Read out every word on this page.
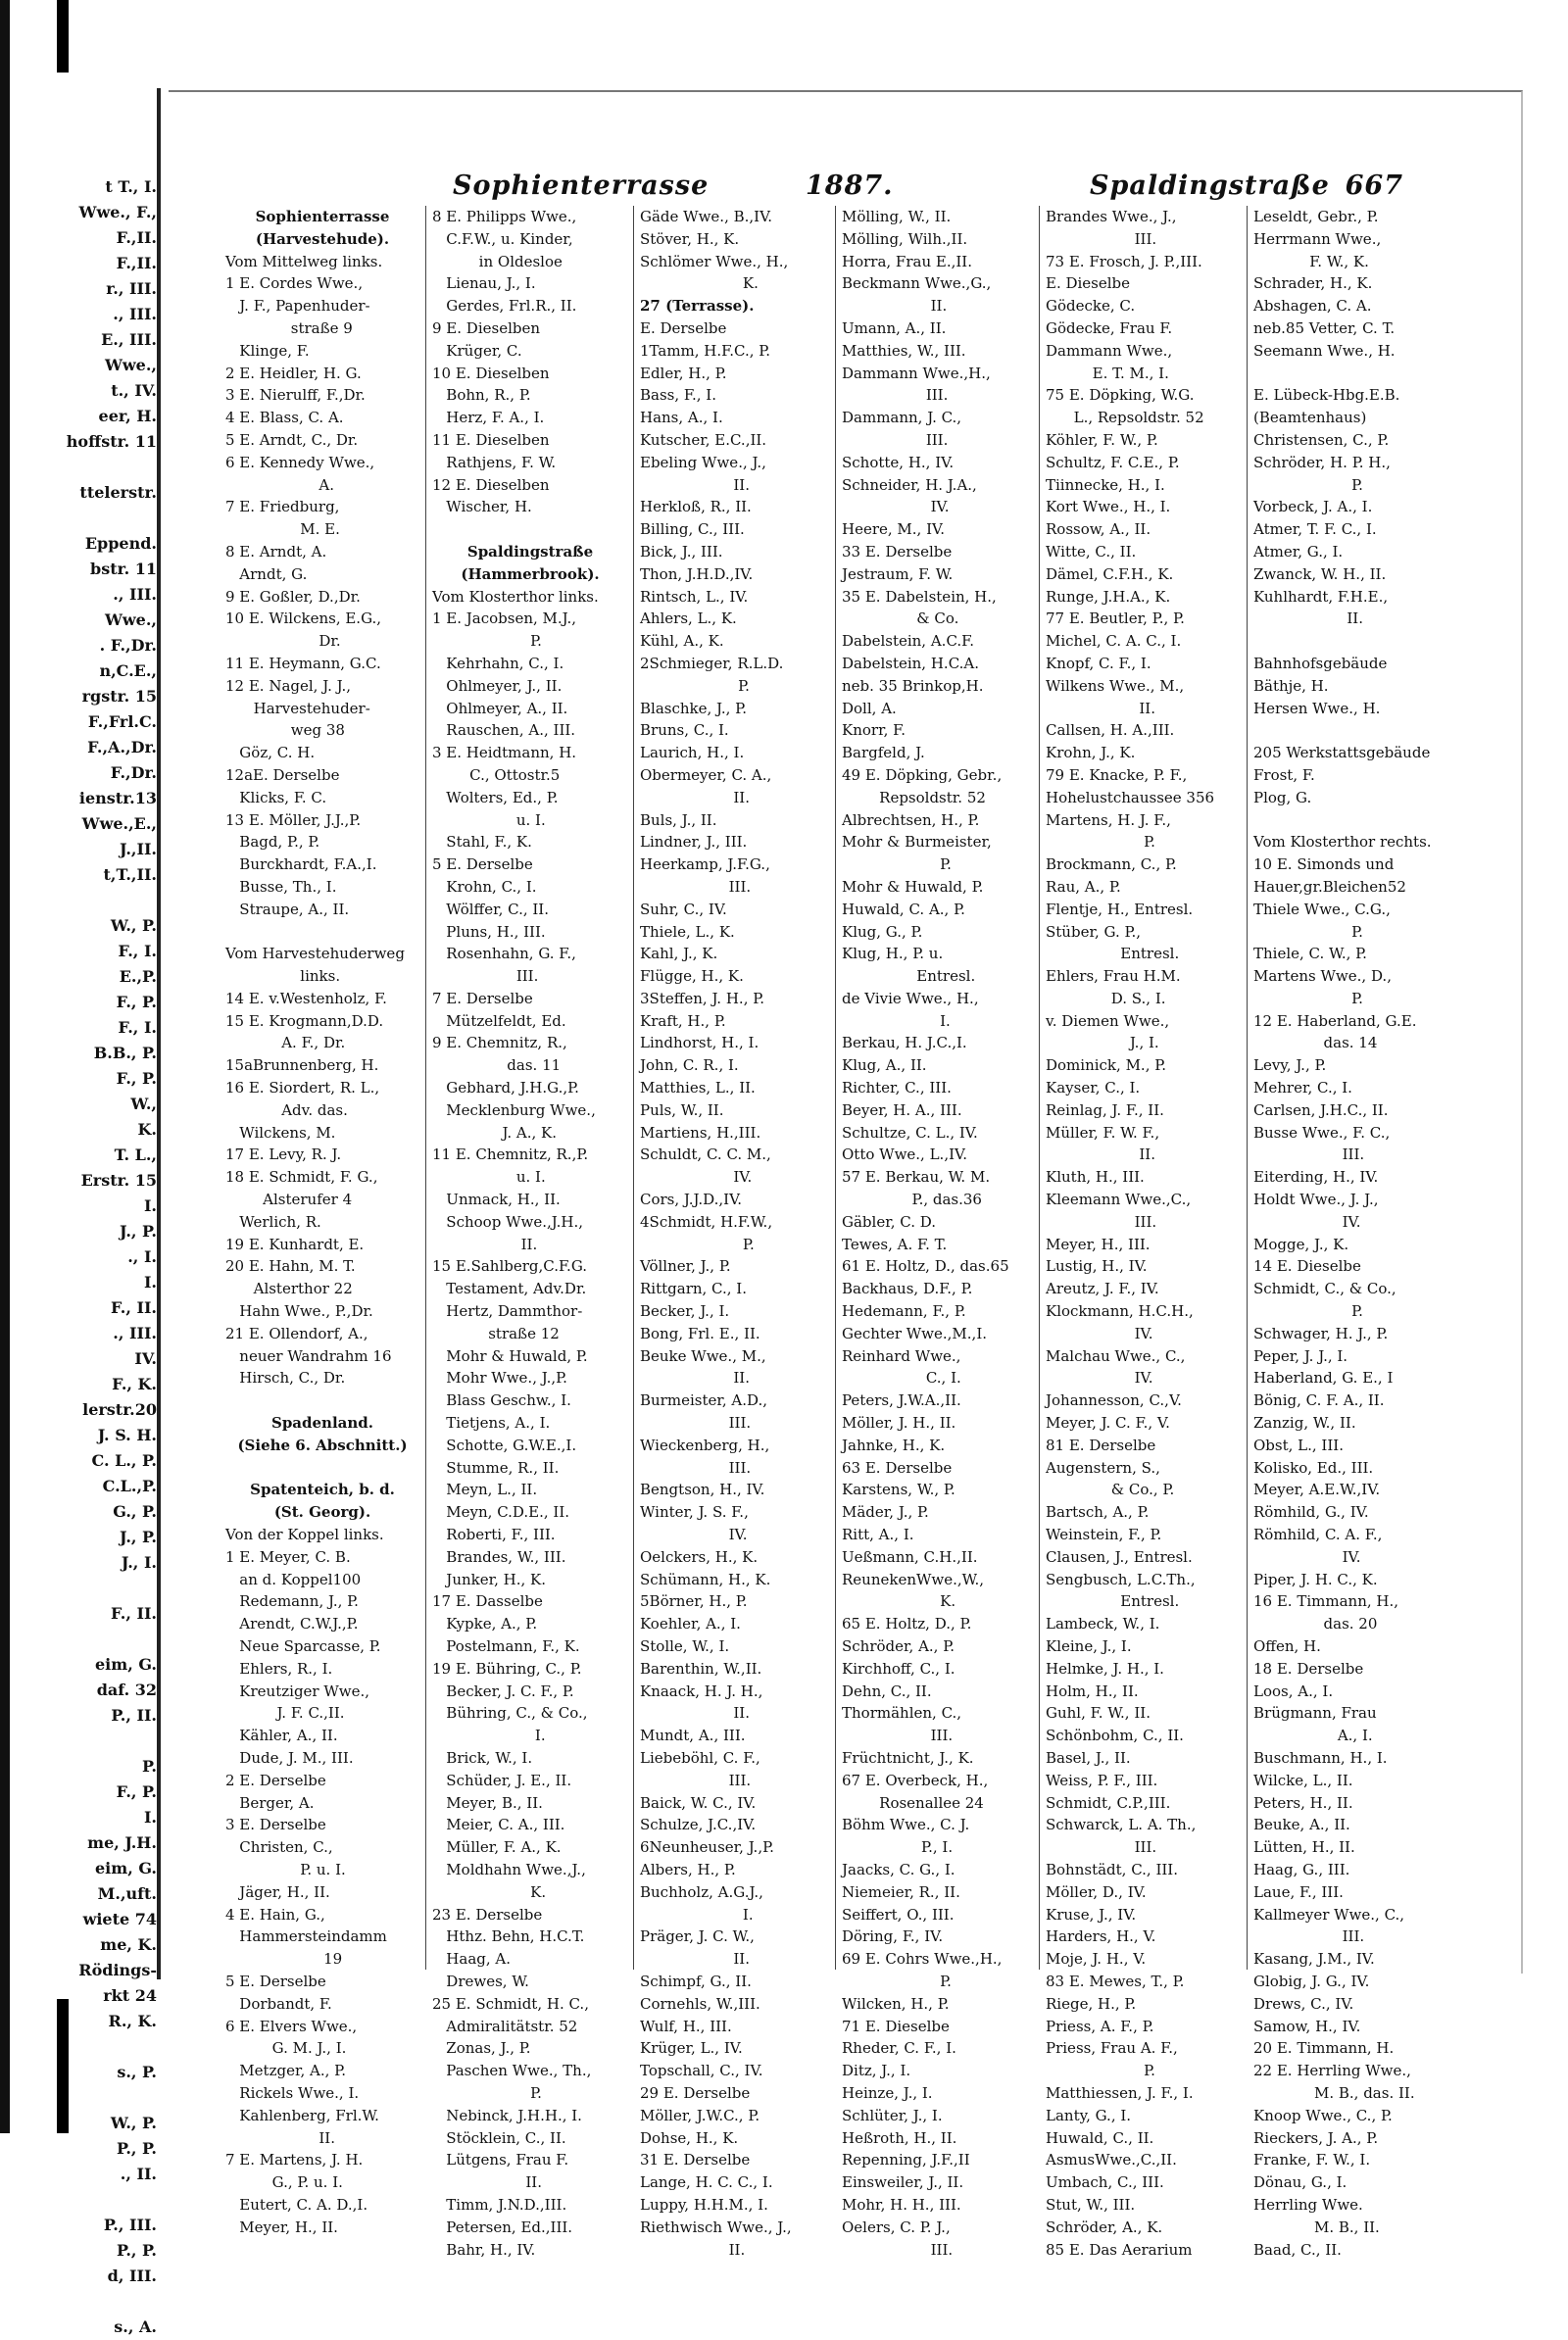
t T., I.
Wwe., F.,
F.,II.
F.,II.
r., III.
., III.
E., III.
Wwe.,
t., IV.
eer, H.
hoffstr. 11

ttelerstr.

Eppend.
bstr. 11
., III.
Wwe.,
. F.,Dr.
n,C.E.,
rgstr. 15
F.,Frl.C.
F.,A.,Dr.
F.,Dr.
ienstr.13
Wwe.,E.,
J.,II.
t,T.,II.

W., P.
F., I.
E.,P.
F., P.
F., I.
B.B., P.
F., P.
W.,
K.
T. L.,
Erstr. 15
I.
J., P.
., I.
I.
F., II.
., III.
IV.
F., K.
lerstr.20
J. S. H.
C. L., P.
C.L.,P.
G., P.
J., P.
J., I.

F., II.

eim, G.
daf. 32
P., II.

P.
F., P.
I.
me, J.H.
eim, G.
M.,uft.
wiete 74
me, K.
Rödings-
rkt 24
R., K.

s., P.

W., P.
P., P.
., II.

P., III.
P., P.
d, III.

s., A.
Sophienterrasse	1887.	Spaldingstraße 667
Sophienterrasse
(Harvestehude).
Vom Mittelweg links.
1 E. Cordes Wwe.,
J. F., Papenhuder-
straße 9
Klinge, F.
2 E. Heidler, H. G.
3 E. Nierulff, F.,Dr.
4 E. Blass, C. A.
5 E. Arndt, C., Dr.
6 E. Kennedy Wwe.,
A.
7 E. Friedburg,
M. E.
8 E. Arndt, A.
Arndt, G.
9 E. Goßler, D.,Dr.
10 E. Wilckens, E.G.,
Dr.
11 E. Heymann, G.C.
12 E. Nagel, J. J.,
Harvestehuder-
weg 38
Göz, C. H.
12aE. Derselbe
Klicks, F. C.
13 E. Möller, J.J.,P.
Bagd, P., P.
Burckhardt, F.A.,I.
Busse, Th., I.
Straupe, A., II.

Vom Harvestehuderweg
links.
14 E. v.Westenholz, F.
15 E. Krogmann,D.D.
A. F., Dr.
15aBrunnenberg, H.
16 E. Siordert, R. L.,
Adv. das.
Wilckens, M.
17 E. Levy, R. J.
18 E. Schmidt, F. G.,
Alsterufer 4
Werlich, R.
19 E. Kunhardt, E.
20 E. Hahn, M. T.
Alsterthor 22
Hahn Wwe., P.,Dr.
21 E. Ollendorf, A.,
neuer Wandrahm 16
Hirsch, C., Dr.

Spadenland.
(Siehe 6. Abschnitt.)

Spatenteich, b. d.
(St. Georg).
Von der Koppel links.
1 E. Meyer, C. B.
an d. Koppel100
Redemann, J., P.
Arendt, C.W.J.,P.
Neue Sparcasse, P.
Ehlers, R., I.
Kreutziger Wwe.,
J. F. C.,II.
Kähler, A., II.
Dude, J. M., III.
2 E. Derselbe
Berger, A.
3 E. Derselbe
Christen, C.,
P. u. I.
Jäger, H., II.
4 E. Hain, G.,
Hammersteindamm
19
5 E. Derselbe
Dorbandt, F.
6 E. Elvers Wwe.,
G. M. J., I.
Metzger, A., P.
Rickels Wwe., I.
Kahlenberg, Frl.W.
II.
7 E. Martens, J. H.
G., P. u. I.
Eutert, C. A. D.,I.
Meyer, H., II.
8 E. Philipps Wwe.,
C.F.W., u. Kinder,
in Oldesloe
Lienau, J., I.
Gerdes, Frl.R., II.
9 E. Dieselben
Krüger, C.
10 E. Dieselben
Bohn, R., P.
Herz, F. A., I.
11 E. Dieselben
Rathjens, F. W.
12 E. Dieselben
Wischer, H.

Spaldingstraße
(Hammerbrook).
Vom Klosterthor links.
1 E. Jacobsen, M.J.,
P.
Kehrhahn, C., I.
Ohlmeyer, J., II.
Ohlmeyer, A., II.
Rauschen, A., III.
3 E. Heidtmann, H.
C., Ottostr.5
Wolters, Ed., P.
u. I.
Stahl, F., K.
5 E. Derselbe
Krohn, C., I.
Wölffer, C., II.
Pluns, H., III.
Rosenhahn, G. F.,
III.
7 E. Derselbe
Mützelfeldt, Ed.
9 E. Chemnitz, R.,
das. 11
Gebhard, J.H.G.,P.
Mecklenburg Wwe.,
J. A., K.
11 E. Chemnitz, R.,P.
u. I.
Unmack, H., II.
Schoop Wwe.,J.H.,
II.
15 E.Sahlberg,C.F.G.
Testament, Adv.Dr.
Hertz, Dammthor-
straße 12
Mohr & Huwald, P.
Mohr Wwe., J.,P.
Blass Geschw., I.
Tietjens, A., I.
Schotte, G.W.E.,I.
Stumme, R., II.
Meyn, L., II.
Meyn, C.D.E., II.
Roberti, F., III.
Brandes, W., III.
Junker, H., K.
17 E. Dasselbe
Kypke, A., P.
Postelmann, F., K.
19 E. Bühring, C., P.
Becker, J. C. F., P.
Bühring, C., & Co.,
I.
Brick, W., I.
Schüder, J. E., II.
Meyer, B., II.
Meier, C. A., III.
Müller, F. A., K.
Moldhahn Wwe.,J.,
K.
23 E. Derselbe
Hthz. Behn, H.C.T.
Haag, A.
Drewes, W.
25 E. Schmidt, H. C.,
Admiralitätstr. 52
Zonas, J., P.
Paschen Wwe., Th.,
P.
Nebinck, J.H.H., I.
Stöcklein, C., II.
Lütgens, Frau F.
II.
Timm, J.N.D.,III.
Petersen, Ed.,III.
Bahr, H., IV.
Gäde Wwe., B.,IV.
Stöver, H., K.
Schlömer Wwe., H.,
K.
27 (Terrasse).
E. Derselbe
1Tamm, H.F.C., P.
Edler, H., P.
Bass, F., I.
Hans, A., I.
Kutscher, E.C.,II.
Ebeling Wwe., J.,
II.
Herkloß, R., II.
Billing, C., III.
Bick, J., III.
Thon, J.H.D.,IV.
Rintsch, L., IV.
Ahlers, L., K.
Kühl, A., K.
2Schmieger, R.L.D.
P.
Blaschke, J., P.
Bruns, C., I.
Laurich, H., I.
Obermeyer, C. A.,
II.
Buls, J., II.
Lindner, J., III.
Heerkamp, J.F.G.,
III.
Suhr, C., IV.
Thiele, L., K.
Kahl, J., K.
Flügge, H., K.
3Steffen, J. H., P.
Kraft, H., P.
Lindhorst, H., I.
John, C. R., I.
Matthies, L., II.
Puls, W., II.
Martiens, H.,III.
Schuldt, C. C. M.,
IV.
Cors, J.J.D.,IV.
4Schmidt, H.F.W.,
P.
Völlner, J., P.
Rittgarn, C., I.
Becker, J., I.
Bong, Frl. E., II.
Beuke Wwe., M.,
II.
Burmeister, A.D.,
III.
Wieckenberg, H.,
III.
Bengtson, H., IV.
Winter, J. S. F.,
IV.
Oelckers, H., K.
Schümann, H., K.
5Börner, H., P.
Koehler, A., I.
Stolle, W., I.
Barenthin, W.,II.
Knaack, H. J. H.,
II.
Mundt, A., III.
Liebeböhl, C. F.,
III.
Baick, W. C., IV.
Schulze, J.C.,IV.
6Neunheuser, J.,P.
Albers, H., P.
Buchholz, A.G.J.,
I.
Präger, J. C. W.,
II.
Schimpf, G., II.
Cornehls, W.,III.
Wulf, H., III.
Krüger, L., IV.
Topschall, C., IV.
29 E. Derselbe
Möller, J.W.C., P.
Dohse, H., K.
31 E. Derselbe
Lange, H. C. C., I.
Luppy, H.H.M., I.
Riethwisch Wwe., J.,
II.
Mölling, W., II.
Mölling, Wilh.,II.
Horra, Frau E.,II.
Beckmann Wwe.,G.,
II.
Umann, A., II.
Matthies, W., III.
Dammann Wwe.,H.,
III.
Dammann, J. C.,
III.
Schotte, H., IV.
Schneider, H. J.A.,
IV.
Heere, M., IV.
33 E. Derselbe
Jestraum, F. W.
35 E. Dabelstein, H.,
& Co.
Dabelstein, A.C.F.
Dabelstein, H.C.A.
neb. 35 Brinkop,H.
Doll, A.
Knorr, F.
Bargfeld, J.
49 E. Döpking, Gebr.,
Repsoldstr. 52
Albrechtsen, H., P.
Mohr & Burmeister,
P.
Mohr & Huwald, P.
Huwald, C. A., P.
Klug, G., P.
Klug, H., P. u.
Entresl.
de Vivie Wwe., H.,
I.
Berkau, H. J.C.,I.
Klug, A., II.
Richter, C., III.
Beyer, H. A., III.
Schultze, C. L., IV.
Otto Wwe., L.,IV.
57 E. Berkau, W. M.
P., das.36
Gäbler, C. D.
Tewes, A. F. T.
61 E. Holtz, D., das.65
Backhaus, D.F., P.
Hedemann, F., P.
Gechter Wwe.,M.,I.
Reinhard Wwe.,
C., I.
Peters, J.W.A.,II.
Möller, J. H., II.
Jahnke, H., K.
63 E. Derselbe
Karstens, W., P.
Mäder, J., P.
Ritt, A., I.
Ueßmann, C.H.,II.
ReunekenWwe.,W.,
K.
65 E. Holtz, D., P.
Schröder, A., P.
Kirchhoff, C., I.
Dehn, C., II.
Thormählen, C.,
III.
Früchtnicht, J., K.
67 E. Overbeck, H.,
Rosenallee 24
Böhm Wwe., C. J.
P., I.
Jaacks, C. G., I.
Niemeier, R., II.
Seiffert, O., III.
Döring, F., IV.
69 E. Cohrs Wwe.,H.,
P.
Wilcken, H., P.
71 E. Dieselbe
Rheder, C. F., I.
Ditz, J., I.
Heinze, J., I.
Schlüter, J., I.
Heßroth, H., II.
Repenning, J.F.,II
Einsweiler, J., II.
Mohr, H. H., III.
Oelers, C. P. J.,
III.
Brandes Wwe., J.,
III.
73 E. Frosch, J. P.,III.
E. Dieselbe
Gödecke, C.
Gödecke, Frau F.
Dammann Wwe.,
E. T. M., I.
75 E. Döpking, W.G.
L., Repsoldstr. 52
Köhler, F. W., P.
Schultz, F. C.E., P.
Tiinnecke, H., I.
Kort Wwe., H., I.
Rossow, A., II.
Witte, C., II.
Dämel, C.F.H., K.
Runge, J.H.A., K.
77 E. Beutler, P., P.
Michel, C. A. C., I.
Knopf, C. F., I.
Wilkens Wwe., M.,
II.
Callsen, H. A.,III.
Krohn, J., K.
79 E. Knacke, P. F.,
Hohelustchaussee 356
Martens, H. J. F.,
P.
Brockmann, C., P.
Rau, A., P.
Flentje, H., Entresl.
Stüber, G. P.,
Entresl.
Ehlers, Frau H.M.
D. S., I.
v. Diemen Wwe.,
J., I.
Dominick, M., P.
Kayser, C., I.
Reinlag, J. F., II.
Müller, F. W. F.,
II.
Kluth, H., III.
Kleemann Wwe.,C.,
III.
Meyer, H., III.
Lustig, H., IV.
Areutz, J. F., IV.
Klockmann, H.C.H.,
IV.
Malchau Wwe., C.,
IV.
Johannesson, C.,V.
Meyer, J. C. F., V.
81 E. Derselbe
Augenstern, S.,
& Co., P.
Bartsch, A., P.
Weinstein, F., P.
Clausen, J., Entresl.
Sengbusch, L.C.Th.,
Entresl.
Lambeck, W., I.
Kleine, J., I.
Helmke, J. H., I.
Holm, H., II.
Guhl, F. W., II.
Schönbohm, C., II.
Basel, J., II.
Weiss, P. F., III.
Schmidt, C.P.,III.
Schwarck, L. A. Th.,
III.
Bohnstädt, C., III.
Möller, D., IV.
Kruse, J., IV.
Harders, H., V.
Moje, J. H., V.
83 E. Mewes, T., P.
Riege, H., P.
Priess, A. F., P.
Priess, Frau A. F.,
P.
Matthiessen, J. F., I.
Lanty, G., I.
Huwald, C., II.
AsmusWwe.,C.,II.
Umbach, C., III.
Stut, W., III.
Schröder, A., K.
85 E. Das Aerarium
Leseldt, Gebr., P.
Herrmann Wwe.,
F. W., K.
Schrader, H., K.
Abshagen, C. A.
neb.85 Vetter, C. T.
Seemann Wwe., H.

E. Lübeck-Hbg.E.B.
(Beamtenhaus)
Christensen, C., P.
Schröder, H. P. H.,
P.
Vorbeck, J. A., I.
Atmer, T. F. C., I.
Atmer, G., I.
Zwanck, W. H., II.
Kuhlhardt, F.H.E.,
II.

Bahnhofsgebäude
Bäthje, H.
Hersen Wwe., H.

205 Werkstattsgebäude
Frost, F.
Plog, G.

Vom Klosterthor rechts.
10 E. Simonds und
Hauer,gr.Bleichen52
Thiele Wwe., C.G.,
P.
Thiele, C. W., P.
Martens Wwe., D.,
P.
12 E. Haberland, G.E.
das. 14
Levy, J., P.
Mehrer, C., I.
Carlsen, J.H.C., II.
Busse Wwe., F. C.,
III.
Eiterding, H., IV.
Holdt Wwe., J. J.,
IV.
Mogge, J., K.
14 E. Dieselbe
Schmidt, C., & Co.,
P.
Schwager, H. J., P.
Peper, J. J., I.
Haberland, G. E., I
Bönig, C. F. A., II.
Zanzig, W., II.
Obst, L., III.
Kolisko, Ed., III.
Meyer, A.E.W.,IV.
Römhild, G., IV.
Römhild, C. A. F.,
IV.
Piper, J. H. C., K.
16 E. Timmann, H.,
das. 20
Offen, H.
18 E. Derselbe
Loos, A., I.
Brügmann, Frau
A., I.
Buschmann, H., I.
Wilcke, L., II.
Peters, H., II.
Beuke, A., II.
Lütten, H., II.
Haag, G., III.
Laue, F., III.
Kallmeyer Wwe., C.,
III.
Kasang, J.M., IV.
Globig, J. G., IV.
Drews, C., IV.
Samow, H., IV.
20 E. Timmann, H.
22 E. Herrling Wwe.,
M. B., das. II.
Knoop Wwe., C., P.
Rieckers, J. A., P.
Franke, F. W., I.
Dönau, G., I.
Herrling Wwe.
M. B., II.
Baad, C., II.
